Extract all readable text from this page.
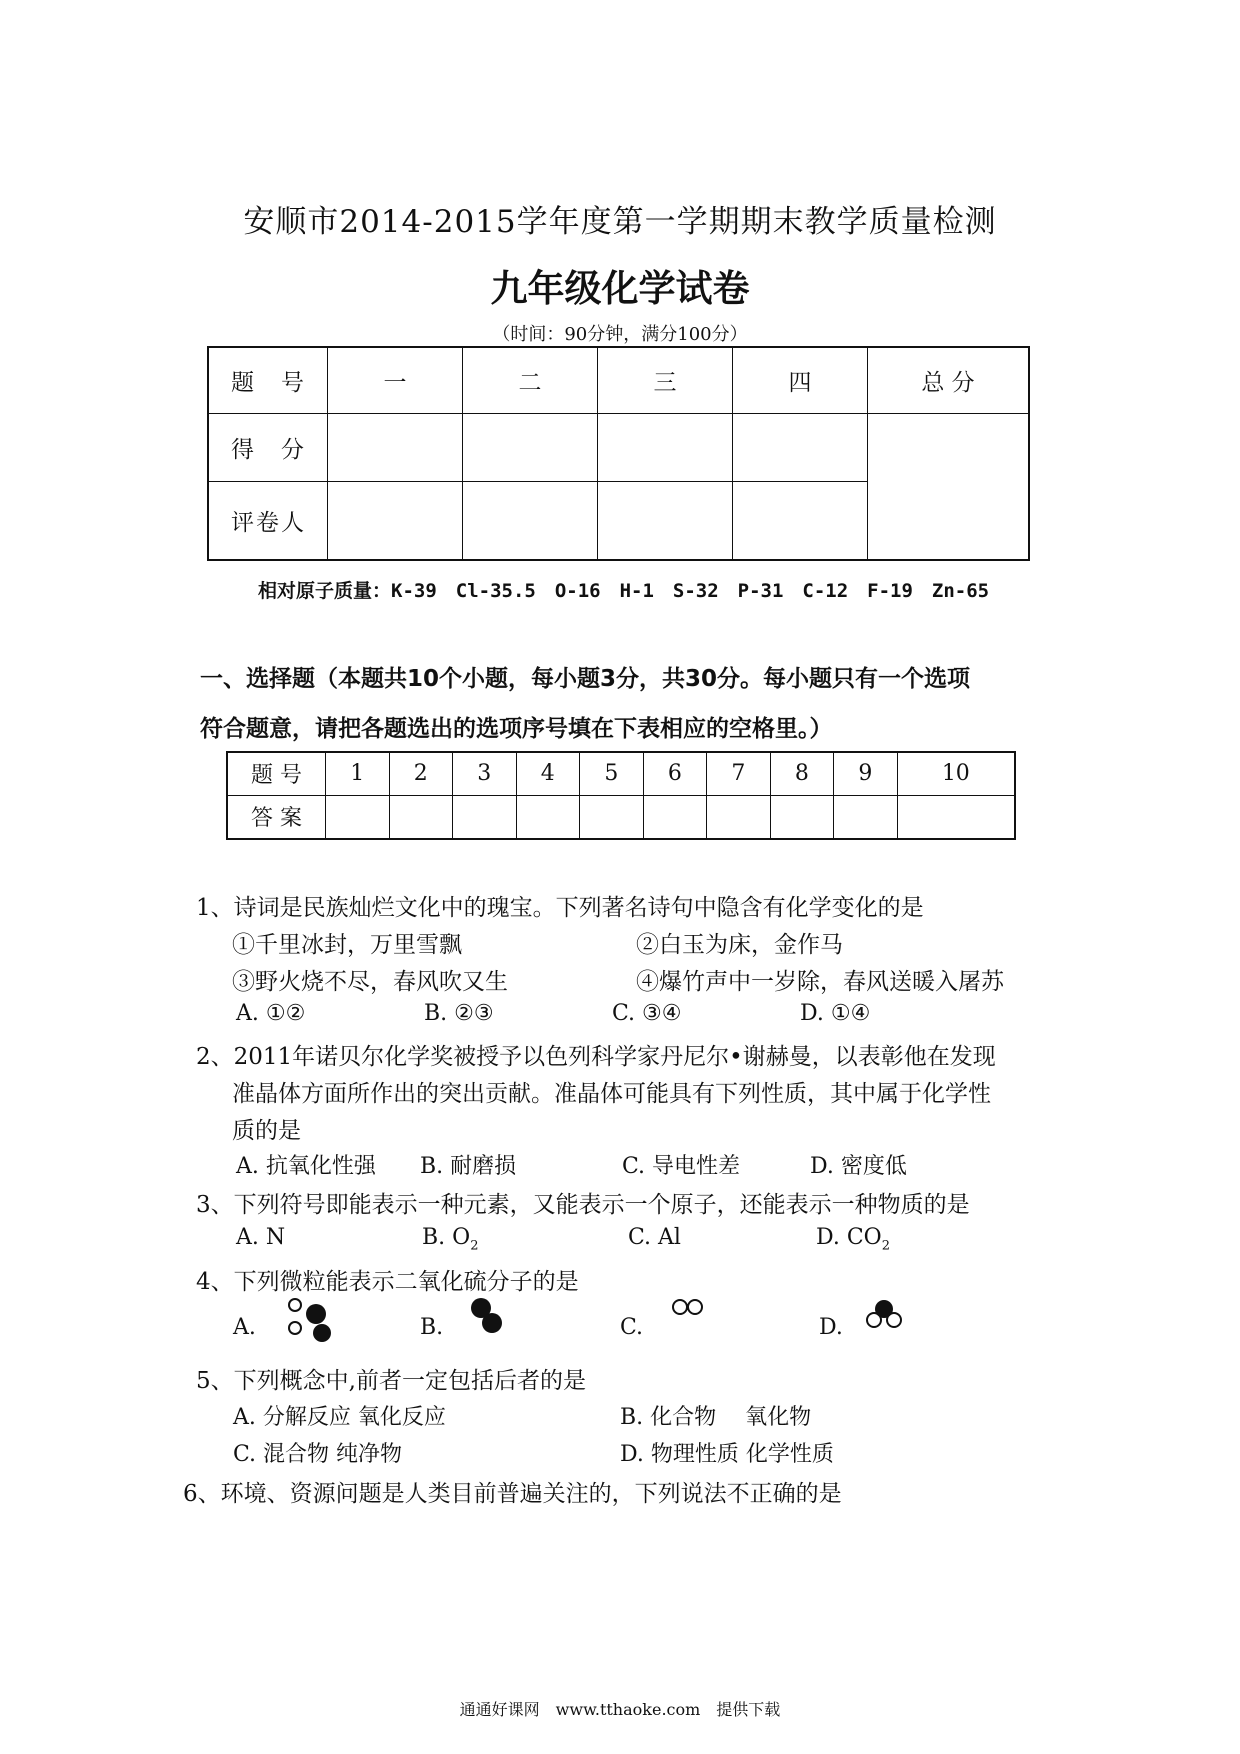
安顺市2014-2015学年度第一学期期末教学质量检测
九年级化学试卷
（时间：90分钟，满分100分）
题　号	一	二	三	四	总 分
得　分					
评卷人					
相对原子质量：K-39　Cl-35.5　O-16　H-1　S-32　P-31　C-12　F-19　Zn-65
一、选择题（本题共10个小题，每小题3分，共30分。每小题只有一个选项
符合题意，请把各题选出的选项序号填在下表相应的空格里。）
题 号	1	2	3	4	5	6	7	8	9	10
答 案										
1、诗词是民族灿烂文化中的瑰宝。下列著名诗句中隐含有化学变化的是
①千里冰封，万里雪飘	②白玉为床，金作马
③野火烧不尽，春风吹又生	④爆竹声中一岁除，春风送暖入屠苏
A. ①②	B. ②③	C. ③④	D. ①④
2、2011年诺贝尔化学奖被授予以色列科学家丹尼尔•谢赫曼，以表彰他在发现
准晶体方面所作出的突出贡献。准晶体可能具有下列性质，其中属于化学性
质的是
A. 抗氧化性强 B. 耐磨损	C. 导电性差	D. 密度低
3、下列符号即能表示一种元素，又能表示一个原子，还能表示一种物质的是
A. N	B. $O_2$	C. Al	D. $CO_2$
4、下列微粒能表示二氧化硫分子的是
A.	B.	C.	D.
5、下列概念中,前者一定包括后者的是
A. 分解反应 氧化反应	B. 化合物　 氧化物
C. 混合物 纯净物	D. 物理性质 化学性质
6、环境、资源问题是人类目前普遍关注的，下列说法不正确的是
通通好课网　www.tthaoke.com　提供下载
